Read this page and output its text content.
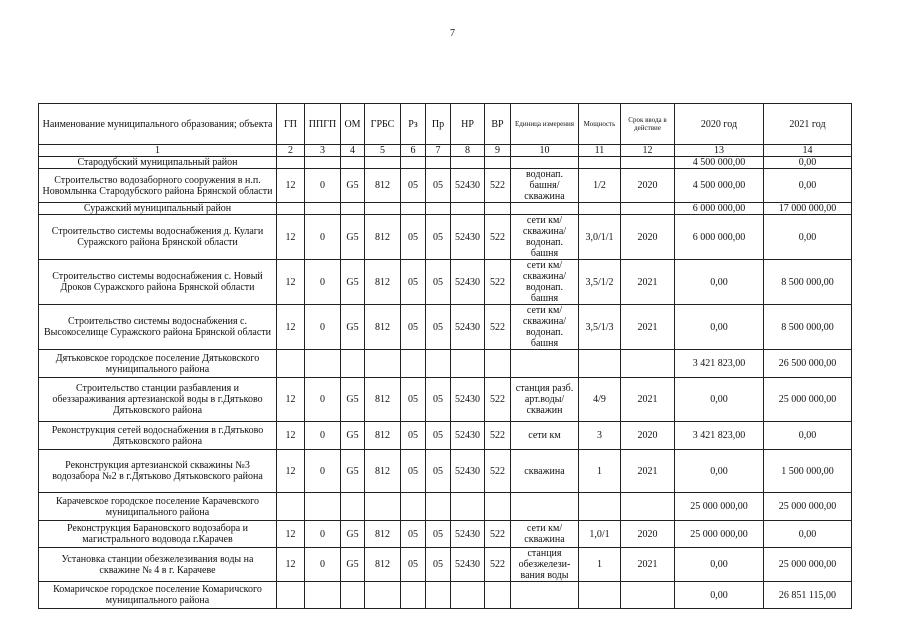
7
Наименование муниципального образования; объекта	ГП	ППГП	ОМ	ГРБС	Рз	Пр	НР	ВР	Единица измерения	Мощность	Срок ввода в действие	2020 год	2021 год
1	2	3	4	5	6	7	8	9	10	11	12	13	14
Стародубский муниципальный район												4 500 000,00	0,00
Строительство водозаборного сооружения в н.п. Новомлынка Стародубского района Брянской области	12	0	G5	812	05	05	52430	522	водонап. башня/ скважина	1/2	2020	4 500 000,00	0,00
Суражский муниципальный район												6 000 000,00	17 000 000,00
Строительство системы водоснабжения д. Кулаги Суражского района Брянской области	12	0	G5	812	05	05	52430	522	сети км/ скважина/ водонап. башня	3,0/1/1	2020	6 000 000,00	0,00
Строительство системы водоснабжения с. Новый Дроков Суражского района Брянской области	12	0	G5	812	05	05	52430	522	сети км/ скважина/ водонап. башня	3,5/1/2	2021	0,00	8 500 000,00
Строительство системы водоснабжения с. Высокоселище Суражского района Брянской области	12	0	G5	812	05	05	52430	522	сети км/ скважина/ водонап. башня	3,5/1/3	2021	0,00	8 500 000,00
Дятьковское городское поселение Дятьковского муниципального района												3 421 823,00	26 500 000,00
Строительство станции разбавления и обеззараживания артезианской воды в г.Дятьково Дятьковского района	12	0	G5	812	05	05	52430	522	станция разб. арт.воды/ скважин	4/9	2021	0,00	25 000 000,00
Реконструкция сетей водоснабжения в г.Дятьково Дятьковского района	12	0	G5	812	05	05	52430	522	сети км	3	2020	3 421 823,00	0,00
Реконструкция артезианской скважины №3 водозабора №2 в г.Дятьково Дятьковского района	12	0	G5	812	05	05	52430	522	скважина	1	2021	0,00	1 500 000,00
Карачевское городское поселение Карачевского муниципального района												25 000 000,00	25 000 000,00
Реконструкция Барановского водозабора и магистрального водовода г.Карачев	12	0	G5	812	05	05	52430	522	сети км/ скважина	1,0/1	2020	25 000 000,00	0,00
Установка станции обезжелезивания воды на скважине № 4 в г. Карачеве	12	0	G5	812	05	05	52430	522	станция обезжелези- вания воды	1	2021	0,00	25 000 000,00
Комаричское городское поселение Комаричского муниципального района												0,00	26 851 115,00
